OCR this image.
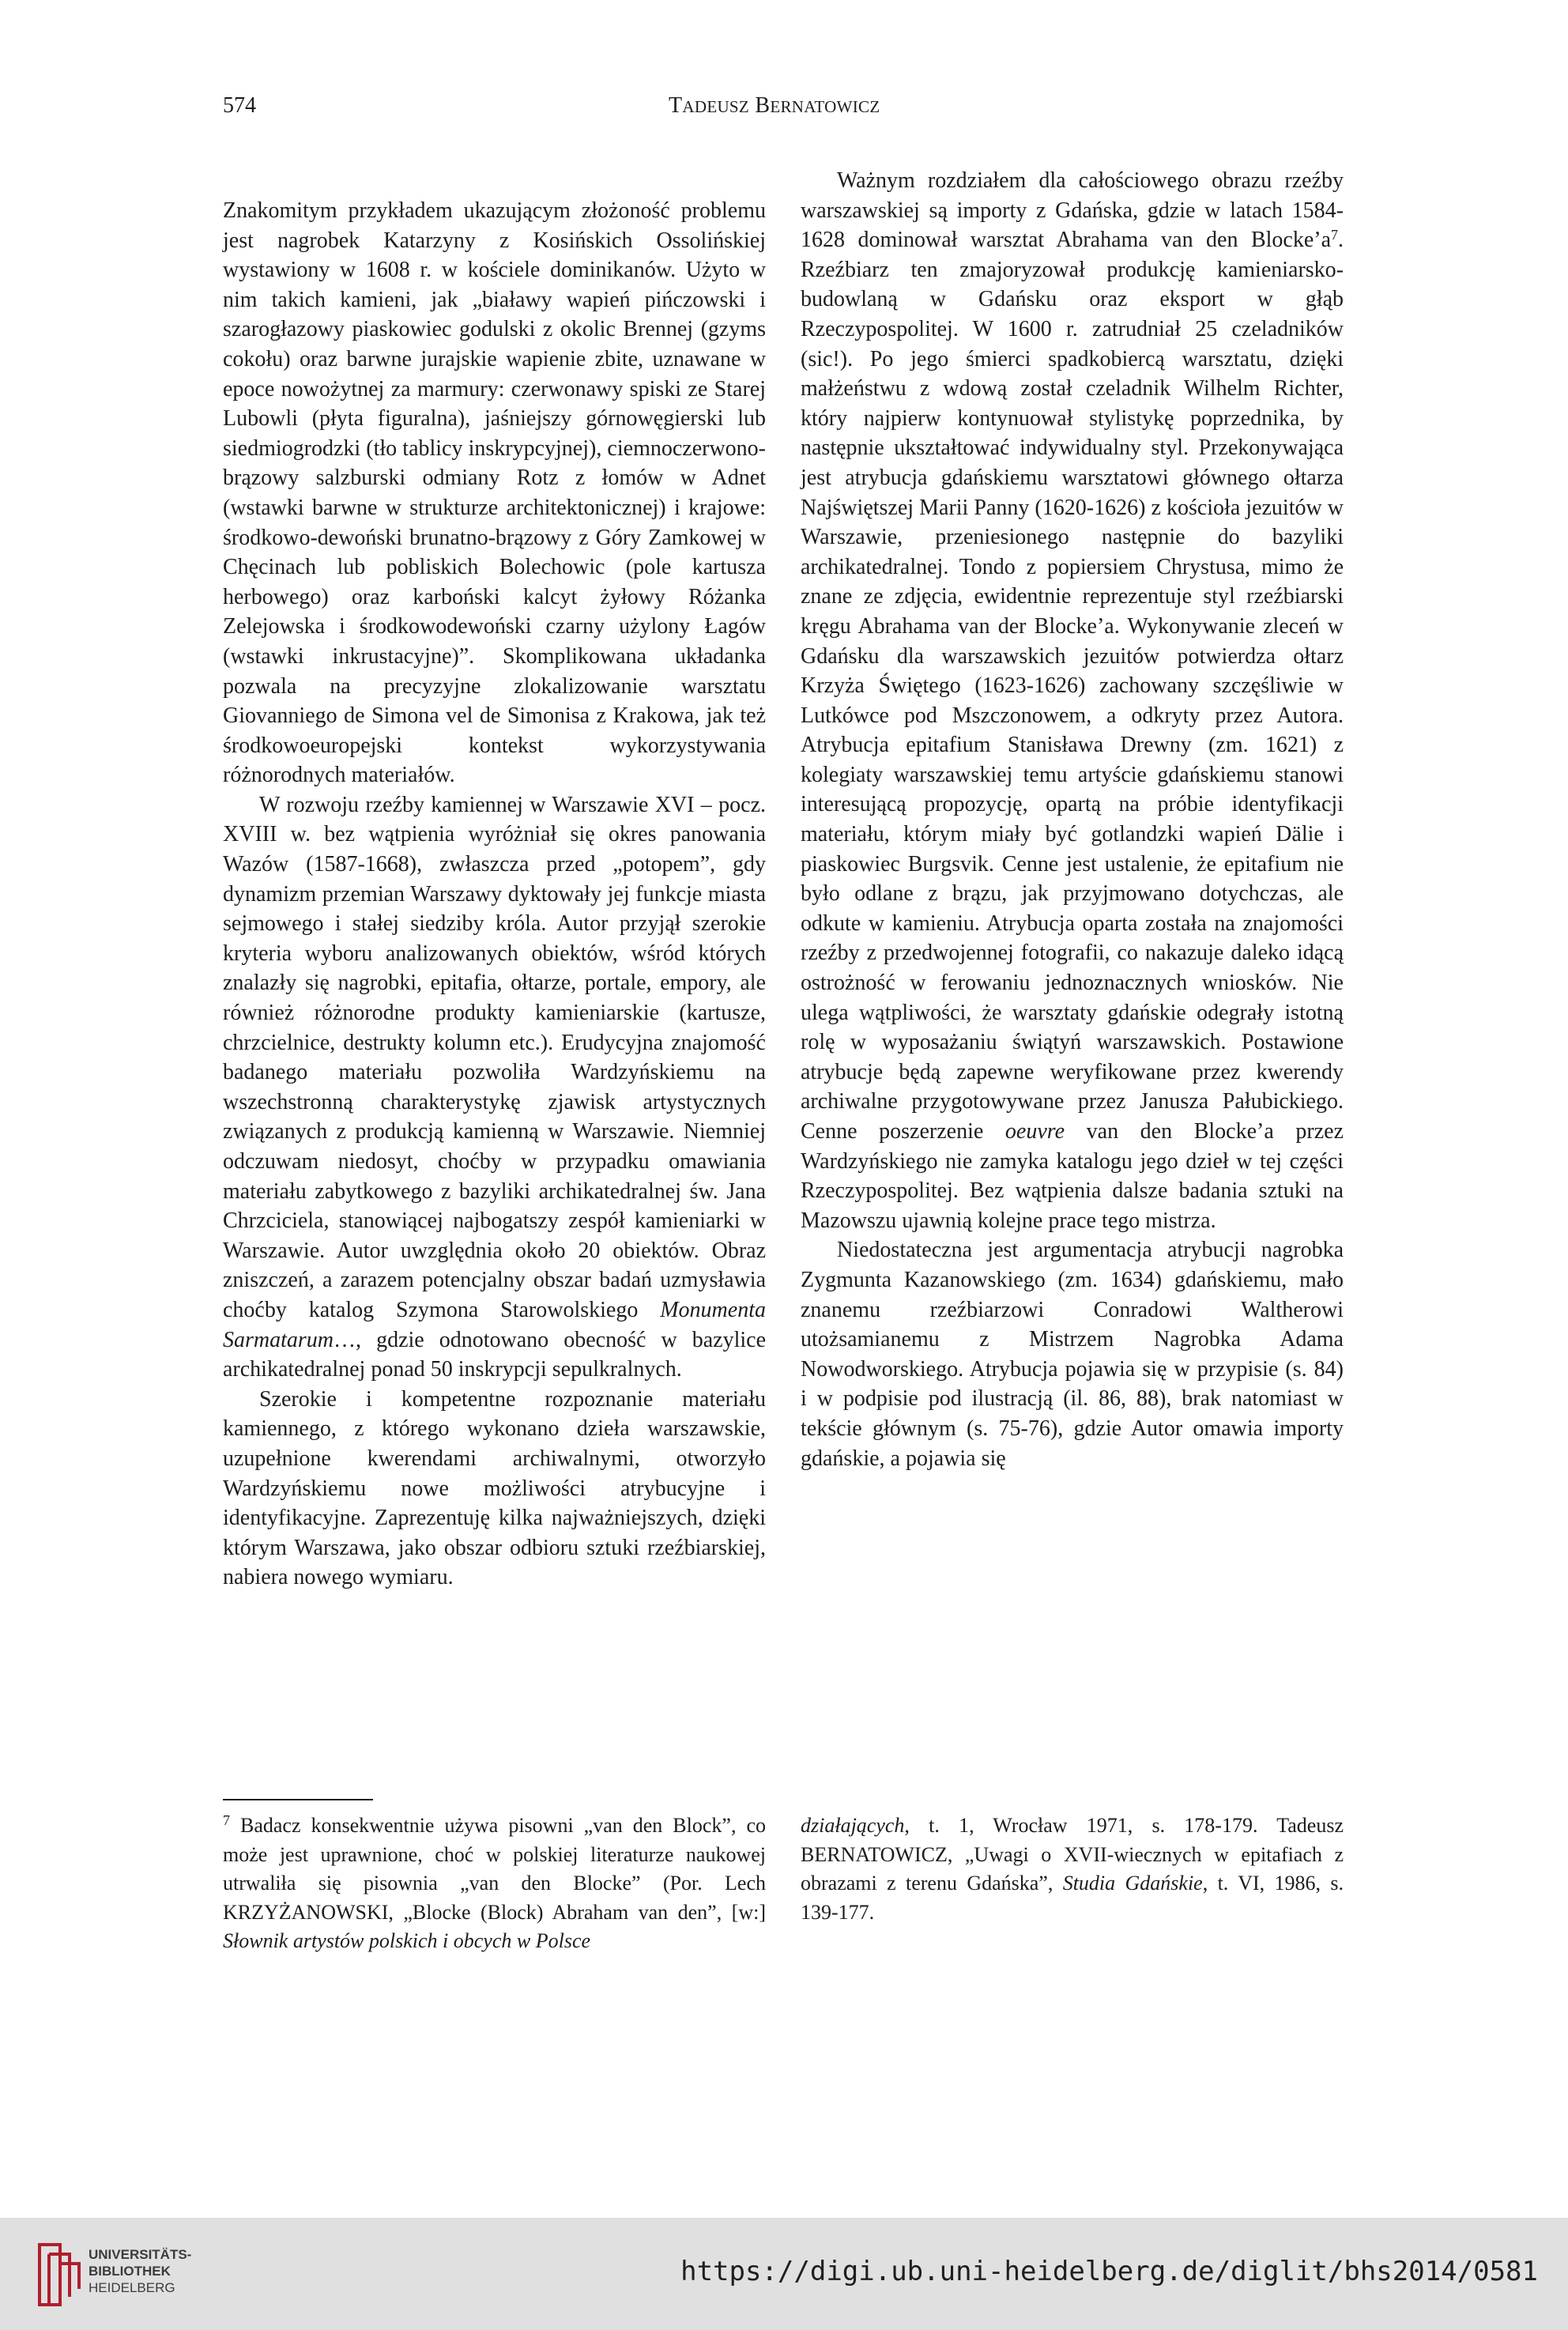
574	TADEUSZ BERNATOWICZ

Znakomitym przykładem ukazującym złożoność problemu jest nagrobek Katarzyny z Kosińskich Ossolińskiej wystawiony w 1608 r. w kościele dominikanów. Użyto w nim takich kamieni, jak „białawy wapień pińczowski i szarogłazowy piaskowiec godulski z okolic Brennej (gzyms cokołu) oraz barwne jurajskie wapienie zbite, uznawane w epoce nowożytnej za marmury: czerwonawy spiski ze Starej Lubowli (płyta figuralna), jaśniejszy górnowęgierski lub siedmiogrodzki (tło tablicy inskrypcyjnej), ciemnoczerwono-brązowy salzburski odmiany Rotz z łomów w Adnet (wstawki barwne w strukturze architektonicznej) i krajowe: środkowo-dewoński brunatno-brązowy z Góry Zamkowej w Chęcinach lub pobliskich Bolechowic (pole kartusza herbowego) oraz karboński kalcyt żyłowy Różanka Zelejowska i środkowodewoński czarny użylony Łagów (wstawki inkrustacyjne)”. Skomplikowana układanka pozwala na precyzyjne zlokalizowanie warsztatu Giovanniego de Simona vel de Simonisa z Krakowa, jak też środkowoeuropejski kontekst wykorzystywania różnorodnych materiałów.

W rozwoju rzeźby kamiennej w Warszawie XVI – pocz. XVIII w. bez wątpienia wyróżniał się okres panowania Wazów (1587-1668), zwłaszcza przed „potopem”, gdy dynamizm przemian Warszawy dyktowały jej funkcje miasta sejmowego i stałej siedziby króla. Autor przyjął szerokie kryteria wyboru analizowanych obiektów, wśród których znalazły się nagrobki, epitafia, ołtarze, portale, empory, ale również różnorodne produkty kamieniarskie (kartusze, chrzcielnice, destrukty kolumn etc.). Erudycyjna znajomość badanego materiału pozwoliła Wardzyńskiemu na wszechstronną charakterystykę zjawisk artystycznych związanych z produkcją kamienną w Warszawie. Niemniej odczuwam niedosyt, choćby w przypadku omawiania materiału zabytkowego z bazyliki archikatedralnej św. Jana Chrzciciela, stanowiącej najbogatszy zespół kamieniarki w Warszawie. Autor uwzględnia około 20 obiektów. Obraz zniszczeń, a zarazem potencjalny obszar badań uzmysławia choćby katalog Szymona Starowolskiego Monumenta Sarmatarum…, gdzie odnotowano obecność w bazylice archikatedralnej ponad 50 inskrypcji sepulkralnych.

Szerokie i kompetentne rozpoznanie materiału kamiennego, z którego wykonano dzieła warszawskie, uzupełnione kwerendami archiwalnymi, otworzyło Wardzyńskiemu nowe możliwości atrybucyjne i identyfikacyjne. Zaprezentuję kilka najważniejszych, dzięki którym Warszawa, jako obszar odbioru sztuki rzeźbiarskiej, nabiera nowego wymiaru.

Ważnym rozdziałem dla całościowego obrazu rzeźby warszawskiej są importy z Gdańska, gdzie w latach 1584-1628 dominował warsztat Abrahama van den $Blocke’a^7$. Rzeźbiarz ten zmajoryzował produkcję kamieniarsko-budowlaną w Gdańsku oraz eksport w głąb Rzeczypospolitej. W 1600 r. zatrudniał 25 czeladników (sic!). Po jego śmierci spadkobiercą warsztatu, dzięki małżeństwu z wdową został czeladnik Wilhelm Richter, który najpierw kontynuował stylistykę poprzednika, by następnie ukształtować indywidualny styl. Przekonywająca jest atrybucja gdańskiemu warsztatowi głównego ołtarza Najświętszej Marii Panny (1620-1626) z kościoła jezuitów w Warszawie, przeniesionego następnie do bazyliki archikatedralnej. Tondo z popiersiem Chrystusa, mimo że znane ze zdjęcia, ewidentnie reprezentuje styl rzeźbiarski kręgu Abrahama van der Blocke’a. Wykonywanie zleceń w Gdańsku dla warszawskich jezuitów potwierdza ołtarz Krzyża Świętego (1623-1626) zachowany szczęśliwie w Lutkówce pod Mszczonowem, a odkryty przez Autora. Atrybucja epitafium Stanisława Drewny (zm. 1621) z kolegiaty warszawskiej temu artyście gdańskiemu stanowi interesującą propozycję, opartą na próbie identyfikacji materiału, którym miały być gotlandzki wapień Dälie i piaskowiec Burgsvik. Cenne jest ustalenie, że epitafium nie było odlane z brązu, jak przyjmowano dotychczas, ale odkute w kamieniu. Atrybucja oparta została na znajomości rzeźby z przedwojennej fotografii, co nakazuje daleko idącą ostrożność w ferowaniu jednoznacznych wniosków. Nie ulega wątpliwości, że warsztaty gdańskie odegrały istotną rolę w wyposażaniu świątyń warszawskich. Postawione atrybucje będą zapewne weryfikowane przez kwerendy archiwalne przygotowywane przez Janusza Pałubickiego. Cenne poszerzenie oeuvre van den Blocke’a przez Wardzyńskiego nie zamyka katalogu jego dzieł w tej części Rzeczypospolitej. Bez wątpienia dalsze badania sztuki na Mazowszu ujawnią kolejne prace tego mistrza.

Niedostateczna jest argumentacja atrybucji nagrobka Zygmunta Kazanowskiego (zm. 1634) gdańskiemu, mało znanemu rzeźbiarzowi Conradowi Waltherowi utożsamianemu z Mistrzem Nagrobka Adama Nowodworskiego. Atrybucja pojawia się w przypisie (s. 84) i w podpisie pod ilustracją (il. 86, 88), brak natomiast w tekście głównym (s. 75-76), gdzie Autor omawia importy gdańskie, a pojawia się

$^7$ Badacz konsekwentnie używa pisowni „van den Block”, co może jest uprawnione, choć w polskiej literaturze naukowej utrwaliła się pisownia „van den Blocke” (Por. Lech KRZYŻANOWSKI, „Blocke (Block) Abraham van den”, [w:] Słownik artystów polskich i obcych w Polsce

działających, t. 1, Wrocław 1971, s. 178-179. Tadeusz BERNATOWICZ, „Uwagi o XVII-wiecznych w epitafiach z obrazami z terenu Gdańska”, Studia Gdańskie, t. VI, 1986, s. 139-177.

UNIVERSITÄTS-
BIBLIOTHEK
HEIDELBERG
https://digi.ub.uni-heidelberg.de/diglit/bhs2014/0581
